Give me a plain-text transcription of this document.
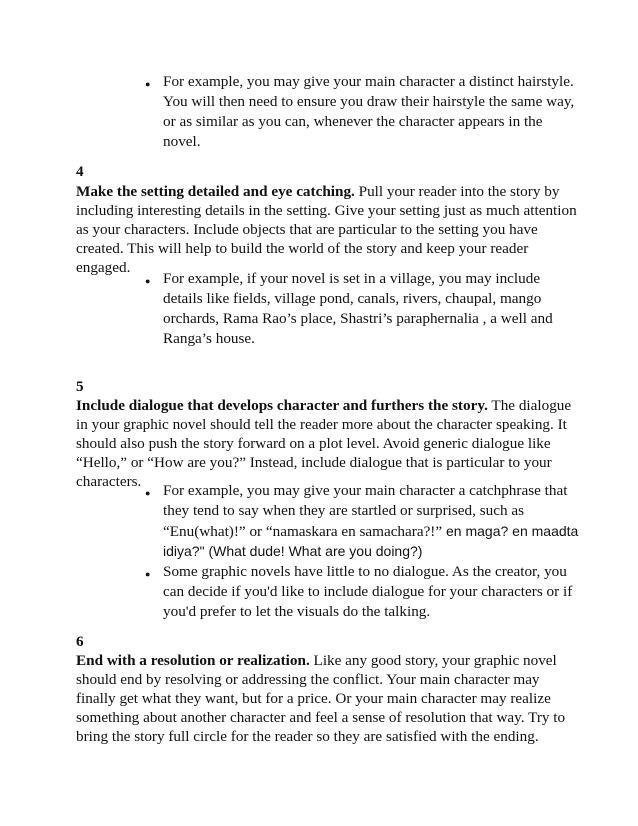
● For example, you may give your main character a distinct hairstyle.
You will then need to ensure you draw their hairstyle the same way,
or as similar as you can, whenever the character appears in the
novel.
4
Make the setting detailed and eye catching. Pull your reader into the story by
including interesting details in the setting. Give your setting just as much attention
as your characters. Include objects that are particular to the setting you have
created. This will help to build the world of the story and keep your reader
engaged.
● For example, if your novel is set in a village, you may include
details like fields, village pond, canals, rivers, chaupal, mango
orchards, Rama Rao’s place, Shastri’s paraphernalia , a well and
Ranga’s house.
5
Include dialogue that develops character and furthers the story. The dialogue
in your graphic novel should tell the reader more about the character speaking. It
should also push the story forward on a plot level. Avoid generic dialogue like
“Hello,” or “How are you?” Instead, include dialogue that is particular to your
characters.
● For example, you may give your main character a catchphrase that
they tend to say when they are startled or surprised, such as
“Enu(what)!” or “namaskara en samachara?!” en maga? en maadta
idiya?" (What dude! What are you doing?)
● Some graphic novels have little to no dialogue. As the creator, you
can decide if you'd like to include dialogue for your characters or if
you'd prefer to let the visuals do the talking.
6
End with a resolution or realization. Like any good story, your graphic novel
should end by resolving or addressing the conflict. Your main character may
finally get what they want, but for a price. Or your main character may realize
something about another character and feel a sense of resolution that way. Try to
bring the story full circle for the reader so they are satisfied with the ending.
